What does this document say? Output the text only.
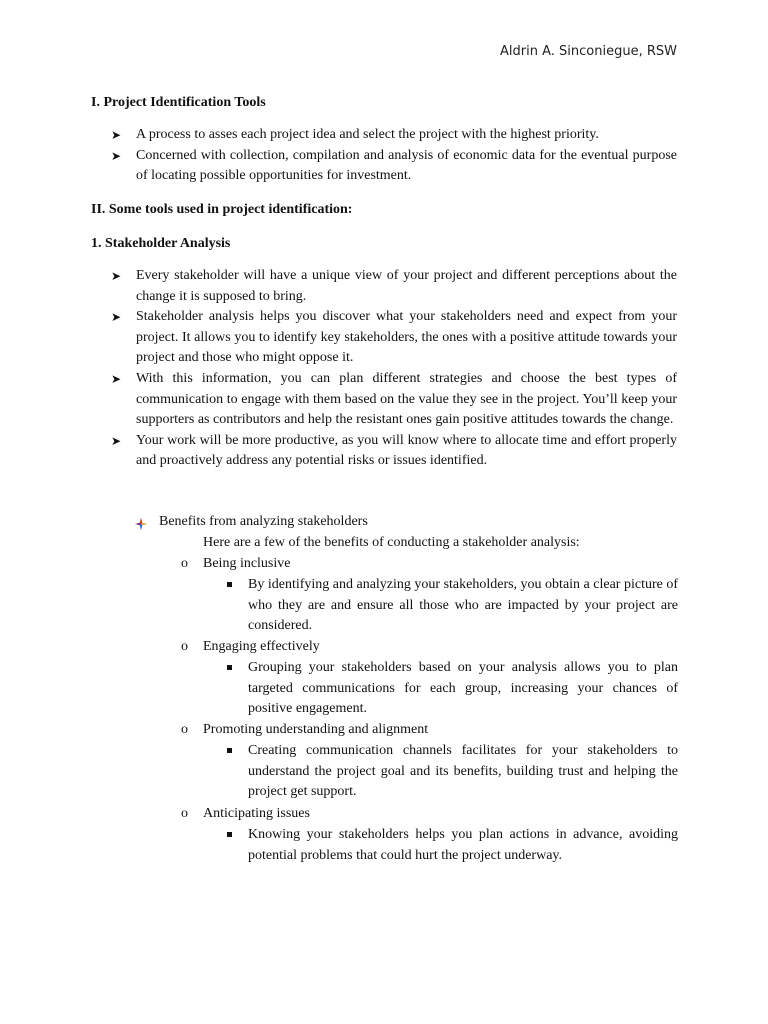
Aldrin A. Sinconiegue, RSW
I. Project Identification Tools
➤ A process to asses each project idea and select the project with the highest priority.
➤ Concerned with collection, compilation and analysis of economic data for the eventual purpose of locating possible opportunities for investment.
II. Some tools used in project identification:
1. Stakeholder Analysis
➤ Every stakeholder will have a unique view of your project and different perceptions about the change it is supposed to bring.
➤ Stakeholder analysis helps you discover what your stakeholders need and expect from your project. It allows you to identify key stakeholders, the ones with a positive attitude towards your project and those who might oppose it.
➤ With this information, you can plan different strategies and choose the best types of communication to engage with them based on the value they see in the project. You’ll keep your supporters as contributors and help the resistant ones gain positive attitudes towards the change.
➤ Your work will be more productive, as you will know where to allocate time and effort properly and proactively address any potential risks or issues identified.
Benefits from analyzing stakeholders
Here are a few of the benefits of conducting a stakeholder analysis:
o Being inclusive
By identifying and analyzing your stakeholders, you obtain a clear picture of who they are and ensure all those who are impacted by your project are considered.
o Engaging effectively
Grouping your stakeholders based on your analysis allows you to plan targeted communications for each group, increasing your chances of positive engagement.
o Promoting understanding and alignment
Creating communication channels facilitates for your stakeholders to understand the project goal and its benefits, building trust and helping the project get support.
o Anticipating issues
Knowing your stakeholders helps you plan actions in advance, avoiding potential problems that could hurt the project underway.
